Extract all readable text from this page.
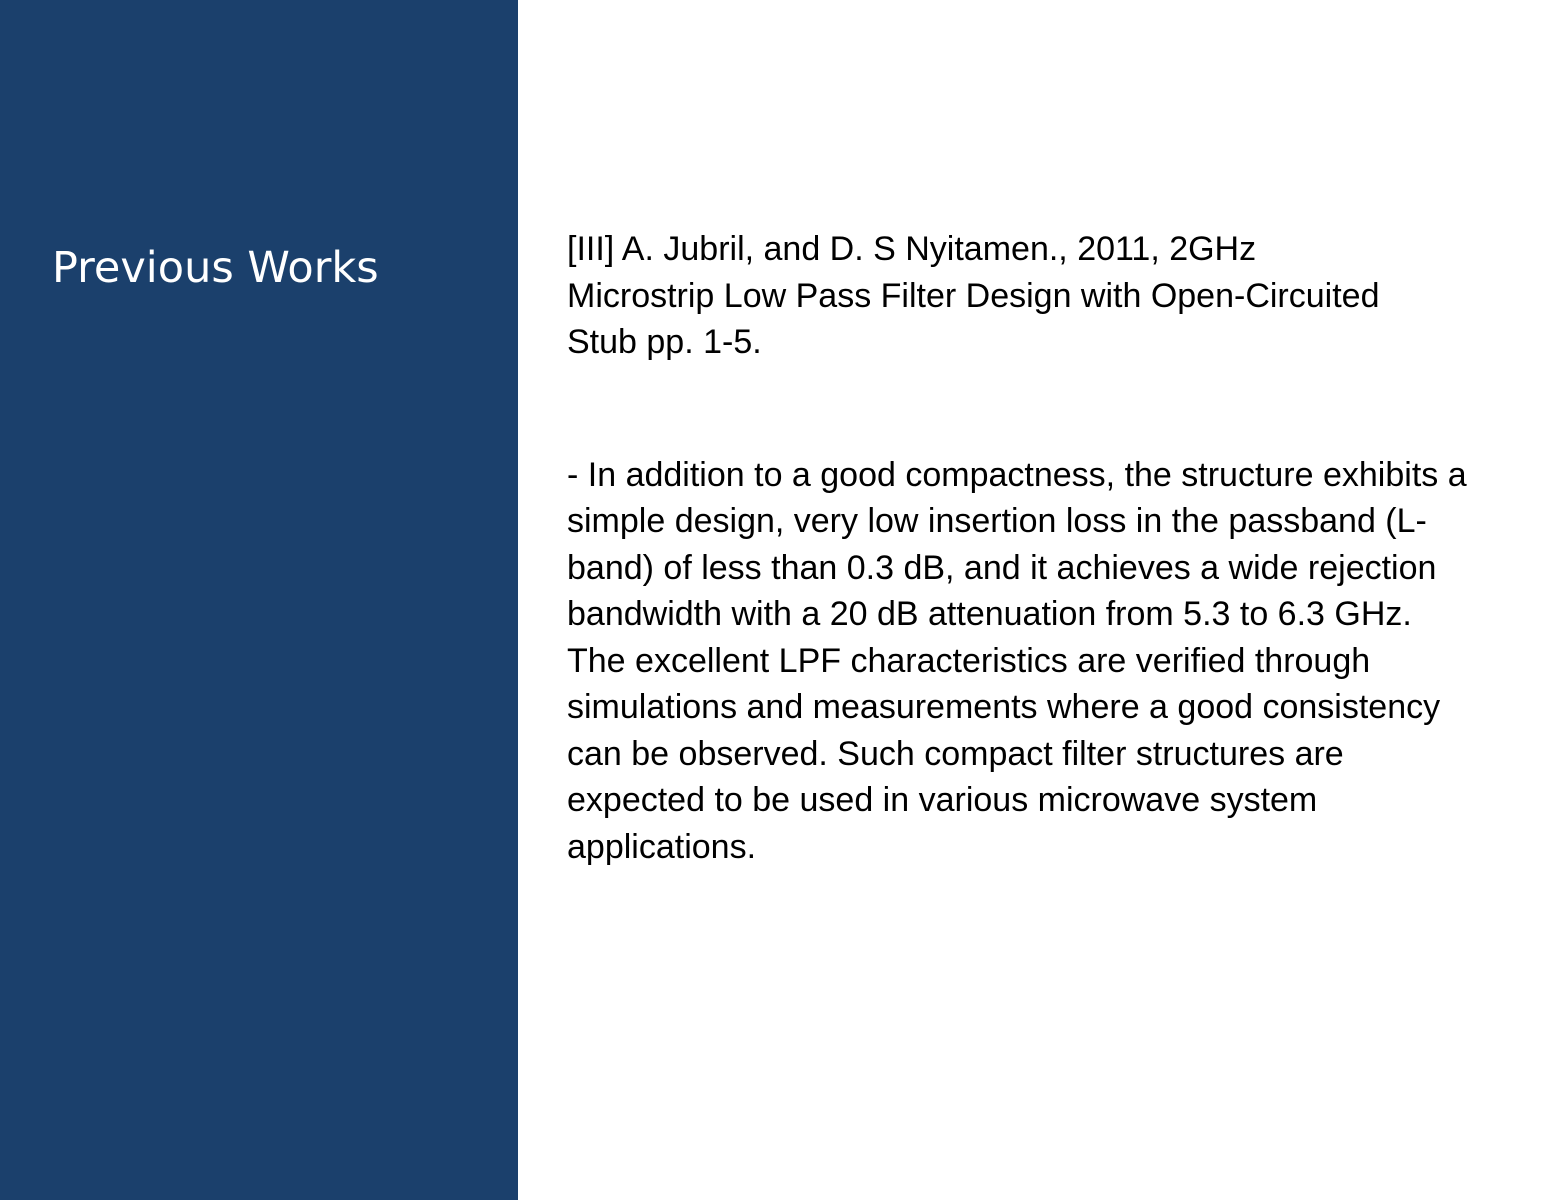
Previous Works	[III] A. Jubril, and D. S Nyitamen., 2011, 2GHz Microstrip Low Pass Filter Design with Open-Circuited Stub pp. 1-5.

- In addition to a good compactness, the structure exhibits a simple design, very low insertion loss in the passband (L-band) of less than 0.3 dB, and it achieves a wide rejection bandwidth with a 20 dB attenuation from 5.3 to 6.3 GHz. The excellent LPF characteristics are verified through simulations and measurements where a good consistency can be observed. Such compact filter structures are expected to be used in various microwave system applications.
